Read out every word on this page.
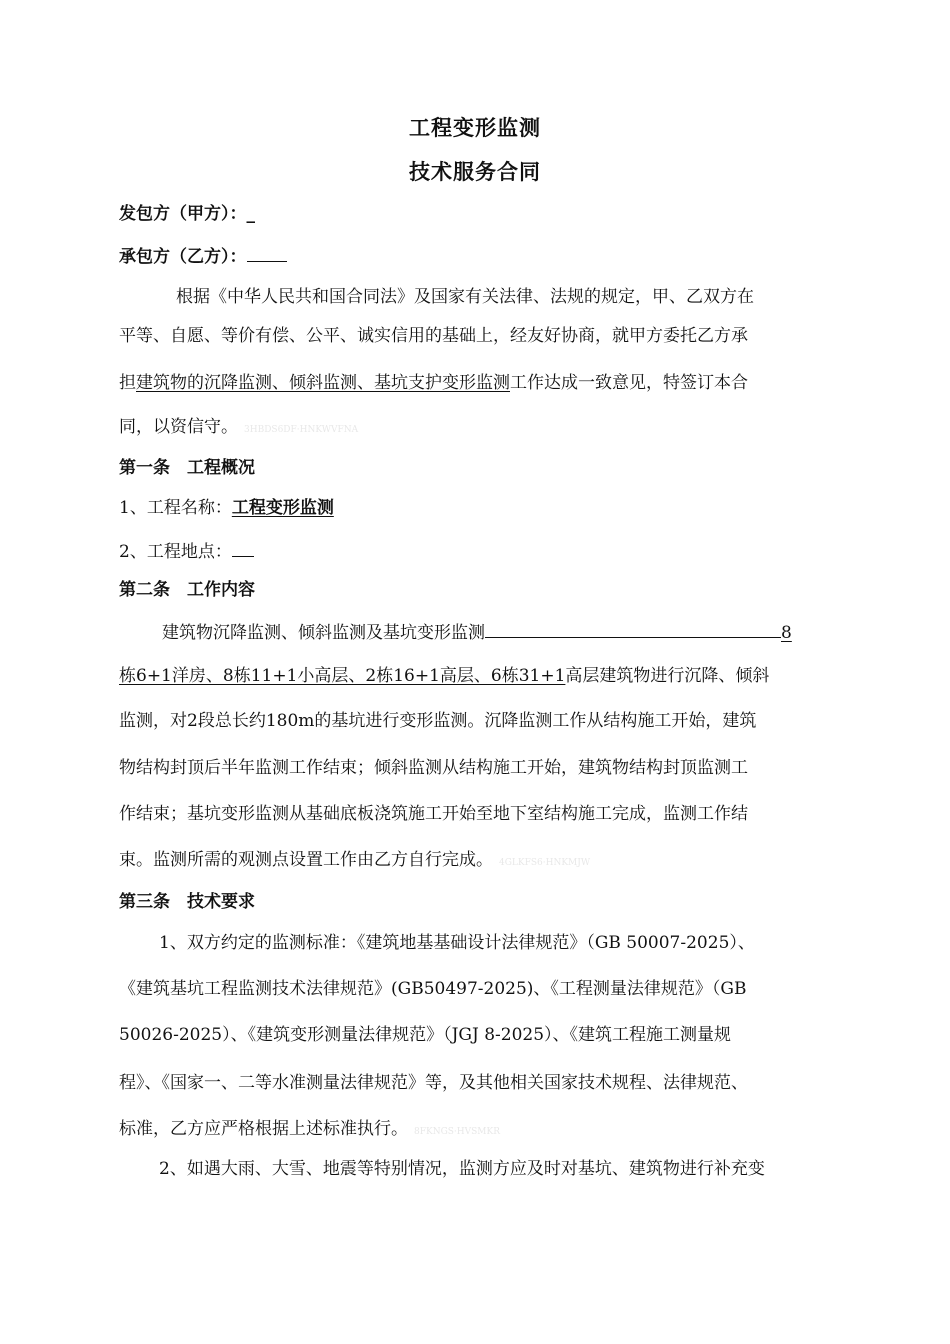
工程变形监测
技术服务合同
发包方（甲方）：_
承包方（乙方）：
根据《中华人民共和国合同法》及国家有关法律、法规的规定，甲、乙双方在
平等、自愿、等价有偿、公平、诚实信用的基础上，经友好协商，就甲方委托乙方承
担建筑物的沉降监测、倾斜监测、基坑支护变形监测工作达成一致意见，特签订本合
同，以资信守。 3HBDS6DF·HNKWVFNA
第一条　工程概况
1、工程名称：工程变形监测
2、工程地点：
第二条　工作内容
建筑物沉降监测、倾斜监测及基坑变形监测	8
栋6+1洋房、8栋11+1小高层、2栋16+1高层、6栋31+1高层建筑物进行沉降、倾斜
监测，对2段总长约180m的基坑进行变形监测。沉降监测工作从结构施工开始，建筑
物结构封顶后半年监测工作结束；倾斜监测从结构施工开始，建筑物结构封顶监测工
作结束；基坑变形监测从基础底板浇筑施工开始至地下室结构施工完成，监测工作结
束。监测所需的观测点设置工作由乙方自行完成。 4GLKFS6·HNKMJW
第三条　技术要求
1、双方约定的监测标准：《建筑地基基础设计法律规范》（GB 50007-2025）、
《建筑基坑工程监测技术法律规范》(GB50497-2025)、《工程测量法律规范》（GB
50026-2025）、《建筑变形测量法律规范》（JGJ 8-2025）、《建筑工程施工测量规
程》、《国家一、二等水准测量法律规范》等，及其他相关国家技术规程、法律规范、
标准，乙方应严格根据上述标准执行。 8FKNGS·HVSMKR
2、如遇大雨、大雪、地震等特别情况，监测方应及时对基坑、建筑物进行补充变
